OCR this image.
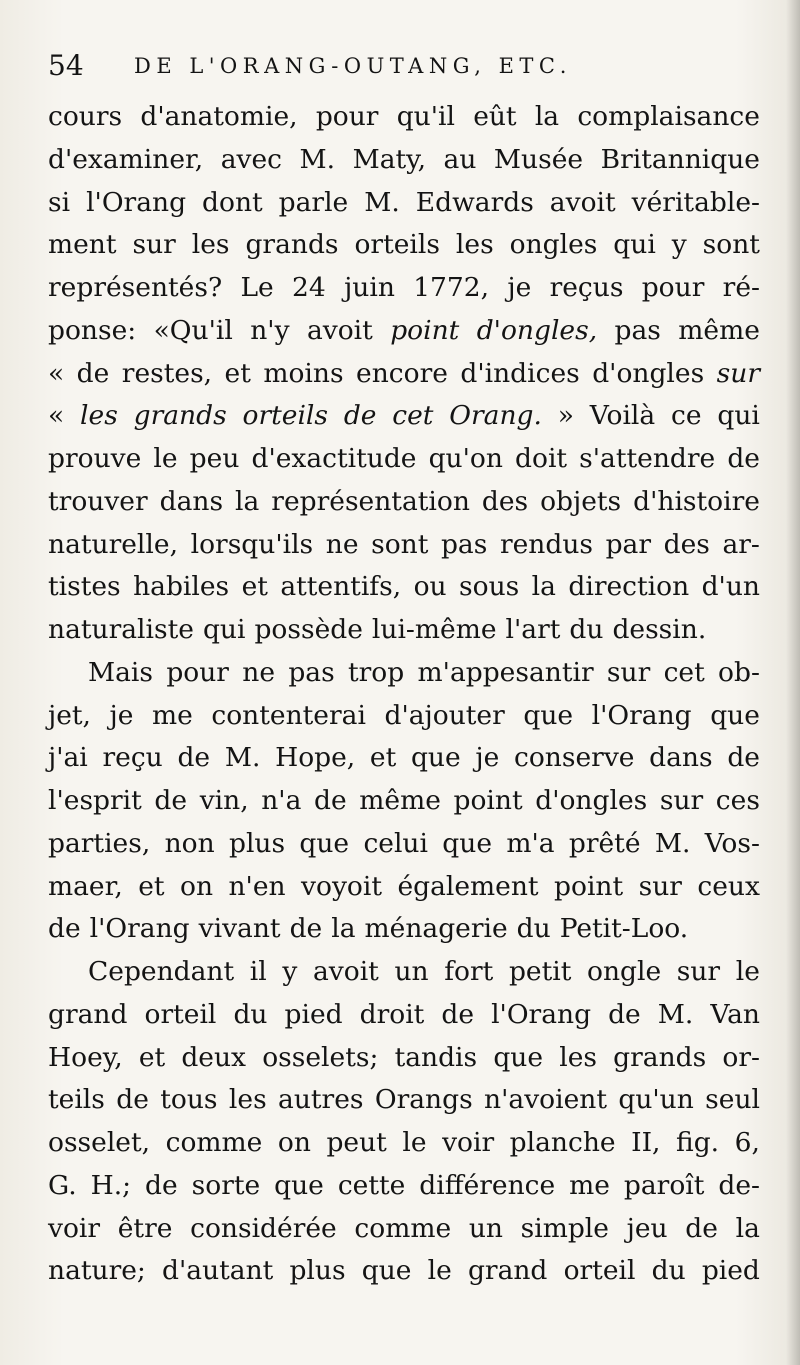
54 DE L'ORANG-OUTANG, ETC.
cours d'anatomie, pour qu'il eût la complaisance
d'examiner, avec M. Maty, au Musée Britannique
si l'Orang dont parle M. Edwards avoit véritable-
ment sur les grands orteils les ongles qui y sont
représentés? Le 24 juin 1772, je reçus pour ré-
ponse: «Qu'il n'y avoit point d'ongles, pas même
« de restes, et moins encore d'indices d'ongles sur
« les grands orteils de cet Orang. » Voilà ce qui
prouve le peu d'exactitude qu'on doit s'attendre de
trouver dans la représentation des objets d'histoire
naturelle, lorsqu'ils ne sont pas rendus par des ar-
tistes habiles et attentifs, ou sous la direction d'un
naturaliste qui possède lui-même l'art du dessin.
Mais pour ne pas trop m'appesantir sur cet ob-
jet, je me contenterai d'ajouter que l'Orang que
j'ai reçu de M. Hope, et que je conserve dans de
l'esprit de vin, n'a de même point d'ongles sur ces
parties, non plus que celui que m'a prêté M. Vos-
maer, et on n'en voyoit également point sur ceux
de l'Orang vivant de la ménagerie du Petit-Loo.
Cependant il y avoit un fort petit ongle sur le
grand orteil du pied droit de l'Orang de M. Van
Hoey, et deux osselets; tandis que les grands or-
teils de tous les autres Orangs n'avoient qu'un seul
osselet, comme on peut le voir planche II, fig. 6,
G. H.; de sorte que cette différence me paroît de-
voir être considérée comme un simple jeu de la
nature; d'autant plus que le grand orteil du pied
